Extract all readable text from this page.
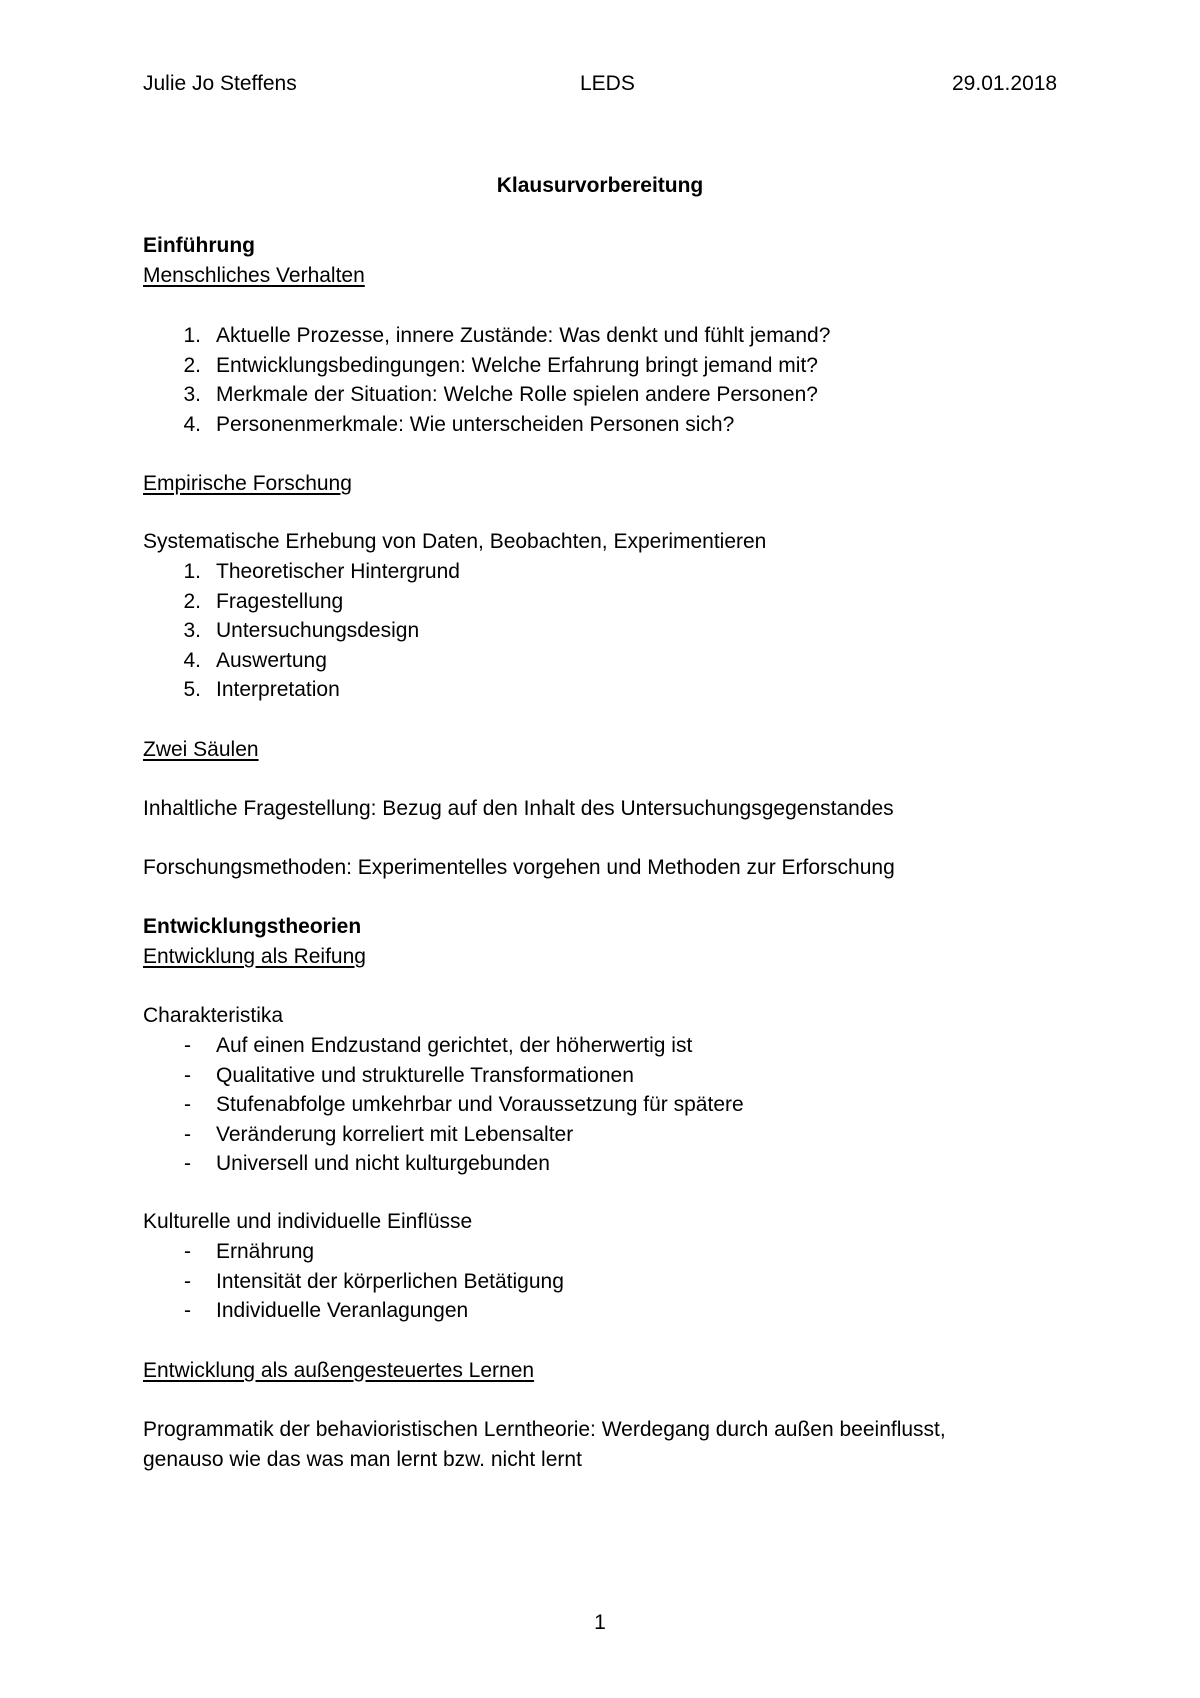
Julie Jo Steffens	LEDS	29.01.2018
Klausurvorbereitung
Einführung
Menschliches Verhalten
1. Aktuelle Prozesse, innere Zustände: Was denkt und fühlt jemand?
2. Entwicklungsbedingungen: Welche Erfahrung bringt jemand mit?
3. Merkmale der Situation: Welche Rolle spielen andere Personen?
4. Personenmerkmale: Wie unterscheiden Personen sich?
Empirische Forschung
Systematische Erhebung von Daten, Beobachten, Experimentieren
1. Theoretischer Hintergrund
2. Fragestellung
3. Untersuchungsdesign
4. Auswertung
5. Interpretation
Zwei Säulen
Inhaltliche Fragestellung: Bezug auf den Inhalt des Untersuchungsgegenstandes
Forschungsmethoden: Experimentelles vorgehen und Methoden zur Erforschung
Entwicklungstheorien
Entwicklung als Reifung
Charakteristika
- Auf einen Endzustand gerichtet, der höherwertig ist
- Qualitative und strukturelle Transformationen
- Stufenabfolge umkehrbar und Voraussetzung für spätere
- Veränderung korreliert mit Lebensalter
- Universell und nicht kulturgebunden
Kulturelle und individuelle Einflüsse
- Ernährung
- Intensität der körperlichen Betätigung
- Individuelle Veranlagungen
Entwicklung als außengesteuertes Lernen
Programmatik der behavioristischen Lerntheorie: Werdegang durch außen beeinflusst,
genauso wie das was man lernt bzw. nicht lernt
1
